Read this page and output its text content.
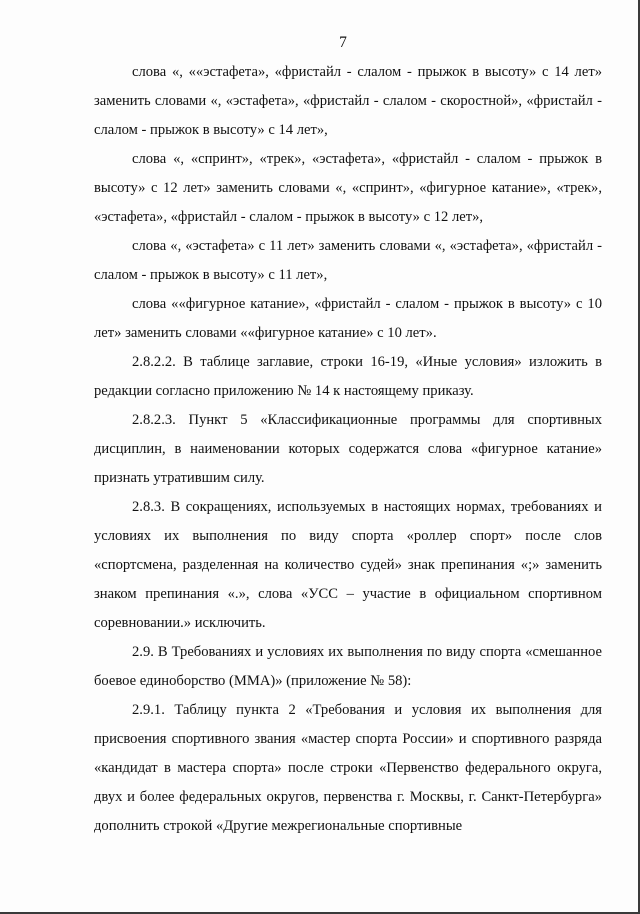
7

слова «, ««эстафета», «фристайл - слалом - прыжок в высоту» с 14 лет» заменить словами «, «эстафета», «фристайл - слалом - скоростной», «фристайл - слалом - прыжок в высоту» с 14 лет»,

слова «, «спринт», «трек», «эстафета», «фристайл - слалом - прыжок в высоту» с 12 лет» заменить словами «, «спринт», «фигурное катание», «трек», «эстафета», «фристайл - слалом - прыжок в высоту» с 12 лет»,

слова «, «эстафета» с 11 лет» заменить словами «, «эстафета», «фристайл - слалом - прыжок в высоту» с 11 лет»,

слова ««фигурное катание», «фристайл - слалом - прыжок в высоту» с 10 лет» заменить словами ««фигурное катание» с 10 лет».

2.8.2.2. В таблице заглавие, строки 16-19, «Иные условия» изложить в редакции согласно приложению № 14 к настоящему приказу.

2.8.2.3. Пункт 5 «Классификационные программы для спортивных дисциплин, в наименовании которых содержатся слова «фигурное катание» признать утратившим силу.

2.8.3. В сокращениях, используемых в настоящих нормах, требованиях и условиях их выполнения по виду спорта «роллер спорт» после слов «спортсмена, разделенная на количество судей» знак препинания «;» заменить знаком препинания «.», слова «УСС – участие в официальном спортивном соревновании.» исключить.

2.9. В Требованиях и условиях их выполнения по виду спорта «смешанное боевое единоборство (ММА)» (приложение № 58):

2.9.1. Таблицу пункта 2 «Требования и условия их выполнения для присвоения спортивного звания «мастер спорта России» и спортивного разряда «кандидат в мастера спорта» после строки «Первенство федерального округа, двух и более федеральных округов, первенства г. Москвы, г. Санкт-Петербурга» дополнить строкой «Другие межрегиональные спортивные
